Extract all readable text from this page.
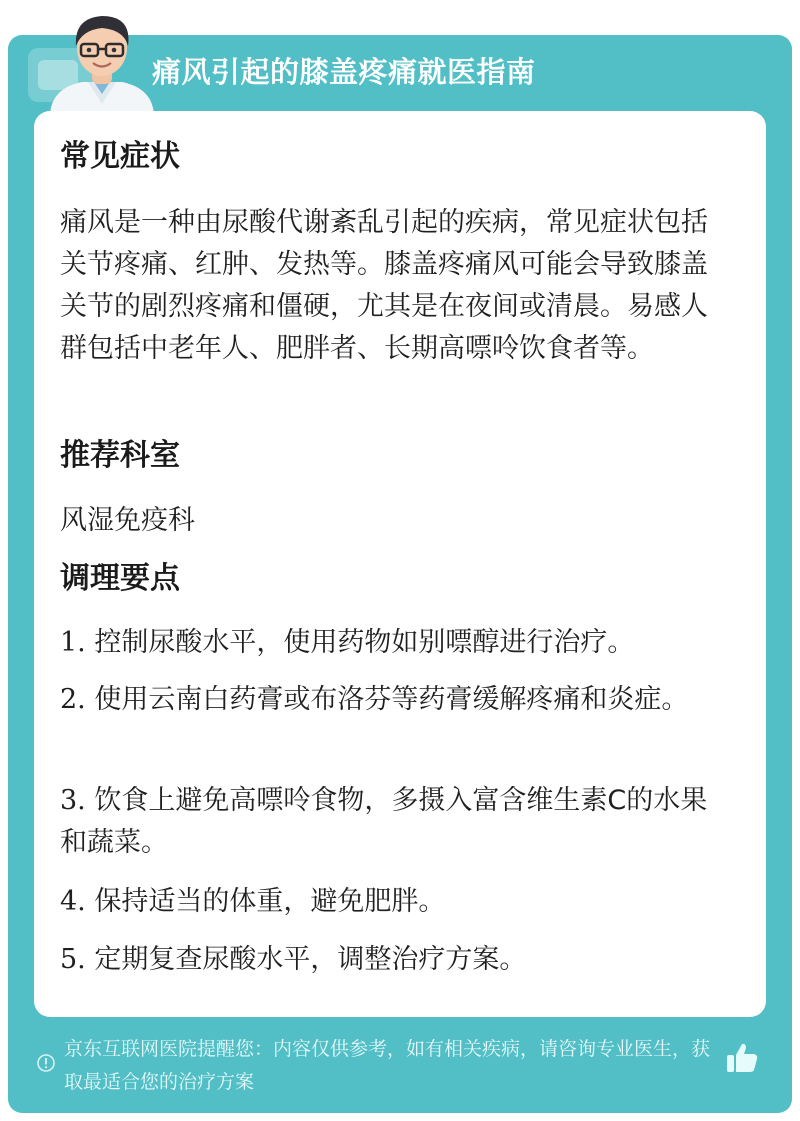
痛风引起的膝盖疼痛就医指南
常见症状

痛风是一种由尿酸代谢紊乱引起的疾病，常见症状包括关节疼痛、红肿、发热等。膝盖疼痛风可能会导致膝盖关节的剧烈疼痛和僵硬，尤其是在夜间或清晨。易感人群包括中老年人、肥胖者、长期高嘌呤饮食者等。

推荐科室

风湿免疫科

调理要点

1. 控制尿酸水平，使用药物如别嘌醇进行治疗。

2. 使用云南白药膏或布洛芬等药膏缓解疼痛和炎症。

3. 饮食上避免高嘌呤食物，多摄入富含维生素C的水果和蔬菜。

4. 保持适当的体重，避免肥胖。

5. 定期复查尿酸水平，调整治疗方案。

京东互联网医院提醒您：内容仅供参考，如有相关疾病，请咨询专业医生，获取最适合您的治疗方案
